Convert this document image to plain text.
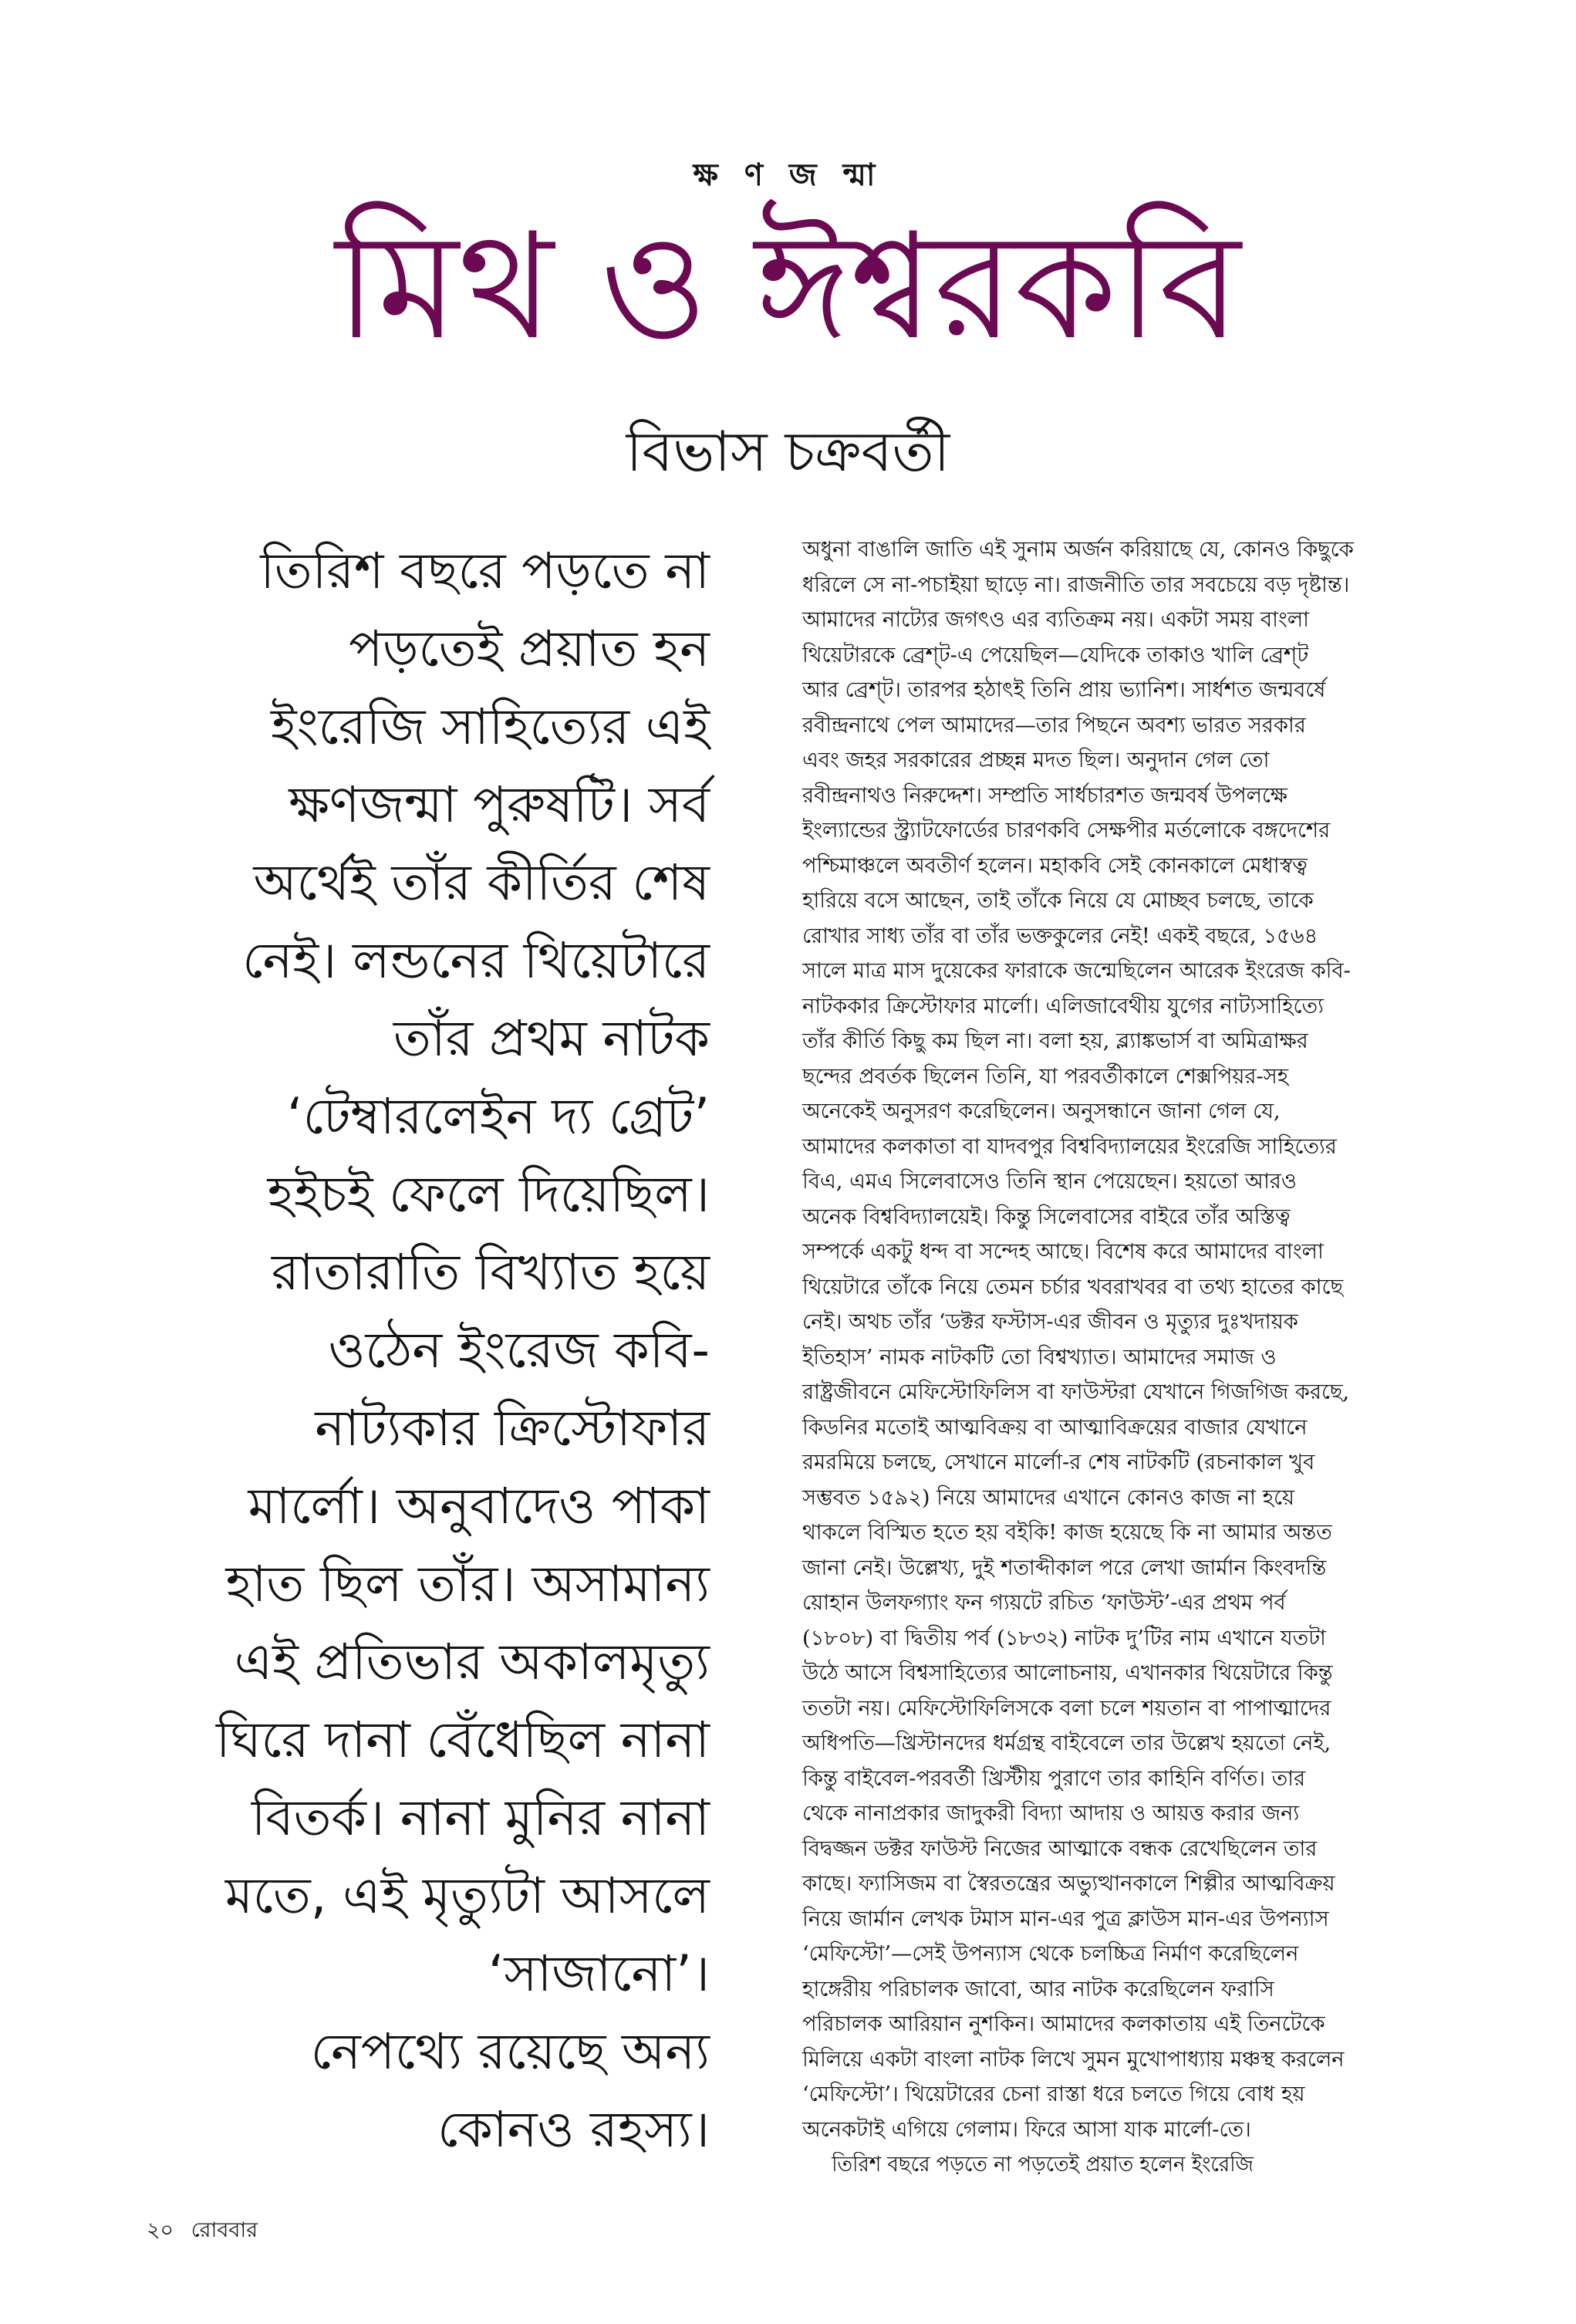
ক্ষ ণ জ ন্মা
মিথ ও ঈশ্বরকবি
বিভাস চক্রবর্তী
তিরিশ বছরে পড়তে না
পড়তেই প্রয়াত হন
ইংরেজি সাহিত্যের এই
ক্ষণজন্মা পুরুষটি। সর্ব
অর্থেই তাঁর কীর্তির শেষ
নেই। লন্ডনের থিয়েটারে
তাঁর প্রথম নাটক
‘টেম্বারলেইন দ্য গ্রেট’
হইচই ফেলে দিয়েছিল।
রাতারাতি বিখ্যাত হয়ে
ওঠেন ইংরেজ কবি-
নাট্যকার ক্রিস্টোফার
মার্লো। অনুবাদেও পাকা
হাত ছিল তাঁর। অসামান্য
এই প্রতিভার অকালমৃত্যু
ঘিরে দানা বেঁধেছিল নানা
বিতর্ক। নানা মুনির নানা
মতে, এই মৃত্যুটা আসলে
‘সাজানো’।
নেপথ্যে রয়েছে অন্য
কোনও রহস্য।
অধুনা বাঙালি জাতি এই সুনাম অর্জন করিয়াছে যে, কোনও কিছুকে
ধরিলে সে না-পচাইয়া ছাড়ে না। রাজনীতি তার সবচেয়ে বড় দৃষ্টান্ত।
আমাদের নাট্যের জগৎও এর ব্যতিক্রম নয়। একটা সময় বাংলা
থিয়েটারকে ব্রেশ্‌ট-এ পেয়েছিল—যেদিকে তাকাও খালি ব্রেশ্‌ট
আর ব্রেশ্‌ট। তারপর হঠাৎই তিনি প্রায় ভ্যানিশ। সার্ধশত জন্মবর্ষে
রবীন্দ্রনাথে পেল আমাদের—তার পিছনে অবশ্য ভারত সরকার
এবং জহর সরকারের প্রচ্ছন্ন মদত ছিল। অনুদান গেল তো
রবীন্দ্রনাথও নিরুদ্দেশ। সম্প্রতি সার্ধচারশত জন্মবর্ষ উপলক্ষে
ইংল্যান্ডের স্ট্র্যাটফোর্ডের চারণকবি সেক্ষপীর মর্তলোকে বঙ্গদেশের
পশ্চিমাঞ্চলে অবতীর্ণ হলেন। মহাকবি সেই কোনকালে মেধাস্বত্ব
হারিয়ে বসে আছেন, তাই তাঁকে নিয়ে যে মোচ্ছব চলছে, তাকে
রোখার সাধ্য তাঁর বা তাঁর ভক্তকুলের নেই! একই বছরে, ১৫৬৪
সালে মাত্র মাস দুয়েকের ফারাকে জন্মেছিলেন আরেক ইংরেজ কবি-
নাটককার ক্রিস্টোফার মার্লো। এলিজাবেথীয় যুগের নাট্যসাহিত্যে
তাঁর কীর্তি কিছু কম ছিল না। বলা হয়, ব্ল্যাঙ্কভার্স বা অমিত্রাক্ষর
ছন্দের প্রবর্তক ছিলেন তিনি, যা পরবর্তীকালে শেক্সপিয়র-সহ
অনেকেই অনুসরণ করেছিলেন। অনুসন্ধানে জানা গেল যে,
আমাদের কলকাতা বা যাদবপুর বিশ্ববিদ্যালয়ের ইংরেজি সাহিত্যের
বিএ, এমএ সিলেবাসেও তিনি স্থান পেয়েছেন। হয়তো আরও
অনেক বিশ্ববিদ্যালয়েই। কিন্তু সিলেবাসের বাইরে তাঁর অস্তিত্ব
সম্পর্কে একটু ধন্দ বা সন্দেহ আছে। বিশেষ করে আমাদের বাংলা
থিয়েটারে তাঁকে নিয়ে তেমন চর্চার খবরাখবর বা তথ্য হাতের কাছে
নেই। অথচ তাঁর ‘ডক্টর ফস্টাস-এর জীবন ও মৃত্যুর দুঃখদায়ক
ইতিহাস’ নামক নাটকটি তো বিশ্বখ্যাত। আমাদের সমাজ ও
রাষ্ট্রজীবনে মেফিস্টোফিলিস বা ফাউস্টরা যেখানে গিজগিজ করছে,
কিডনির মতোই আত্মবিক্রয় বা আত্মাবিক্রয়ের বাজার যেখানে
রমরমিয়ে চলছে, সেখানে মার্লো-র শেষ নাটকটি (রচনাকাল খুব
সম্ভবত ১৫৯২) নিয়ে আমাদের এখানে কোনও কাজ না হয়ে
থাকলে বিস্মিত হতে হয় বইকি! কাজ হয়েছে কি না আমার অন্তত
জানা নেই। উল্লেখ্য, দুই শতাব্দীকাল পরে লেখা জার্মান কিংবদন্তি
য়োহান উলফগ্যাং ফন গ্যয়টে রচিত ‘ফাউস্ট’-এর প্রথম পর্ব
(১৮০৮) বা দ্বিতীয় পর্ব (১৮৩২) নাটক দু’টির নাম এখানে যতটা
উঠে আসে বিশ্বসাহিত্যের আলোচনায়, এখানকার থিয়েটারে কিন্তু
ততটা নয়। মেফিস্টোফিলিসকে বলা চলে শয়তান বা পাপাত্মাদের
অধিপতি—খ্রিস্টানদের ধর্মগ্রন্থ বাইবেলে তার উল্লেখ হয়তো নেই,
কিন্তু বাইবেল-পরবর্তী খ্রিস্টীয় পুরাণে তার কাহিনি বর্ণিত। তার
থেকে নানাপ্রকার জাদুকরী বিদ্যা আদায় ও আয়ত্ত করার জন্য
বিদ্বজ্জন ডক্টর ফাউস্ট নিজের আত্মাকে বন্ধক রেখেছিলেন তার
কাছে। ফ্যাসিজম বা স্বৈরতন্ত্রের অভ্যুত্থানকালে শিল্পীর আত্মবিক্রয়
নিয়ে জার্মান লেখক টমাস মান-এর পুত্র ক্লাউস মান-এর উপন্যাস
‘মেফিস্টো’—সেই উপন্যাস থেকে চলচ্চিত্র নির্মাণ করেছিলেন
হাঙ্গেরীয় পরিচালক জাবো, আর নাটক করেছিলেন ফরাসি
পরিচালক আরিয়ান নুশকিন। আমাদের কলকাতায় এই তিনটেকে
মিলিয়ে একটা বাংলা নাটক লিখে সুমন মুখোপাধ্যায় মঞ্চস্থ করলেন
‘মেফিস্টো’। থিয়েটারের চেনা রাস্তা ধরে চলতে গিয়ে বোধ হয়
অনেকটাই এগিয়ে গেলাম। ফিরে আসা যাক মার্লো-তে।
তিরিশ বছরে পড়তে না পড়তেই প্রয়াত হলেন ইংরেজি
২০ রোববার
